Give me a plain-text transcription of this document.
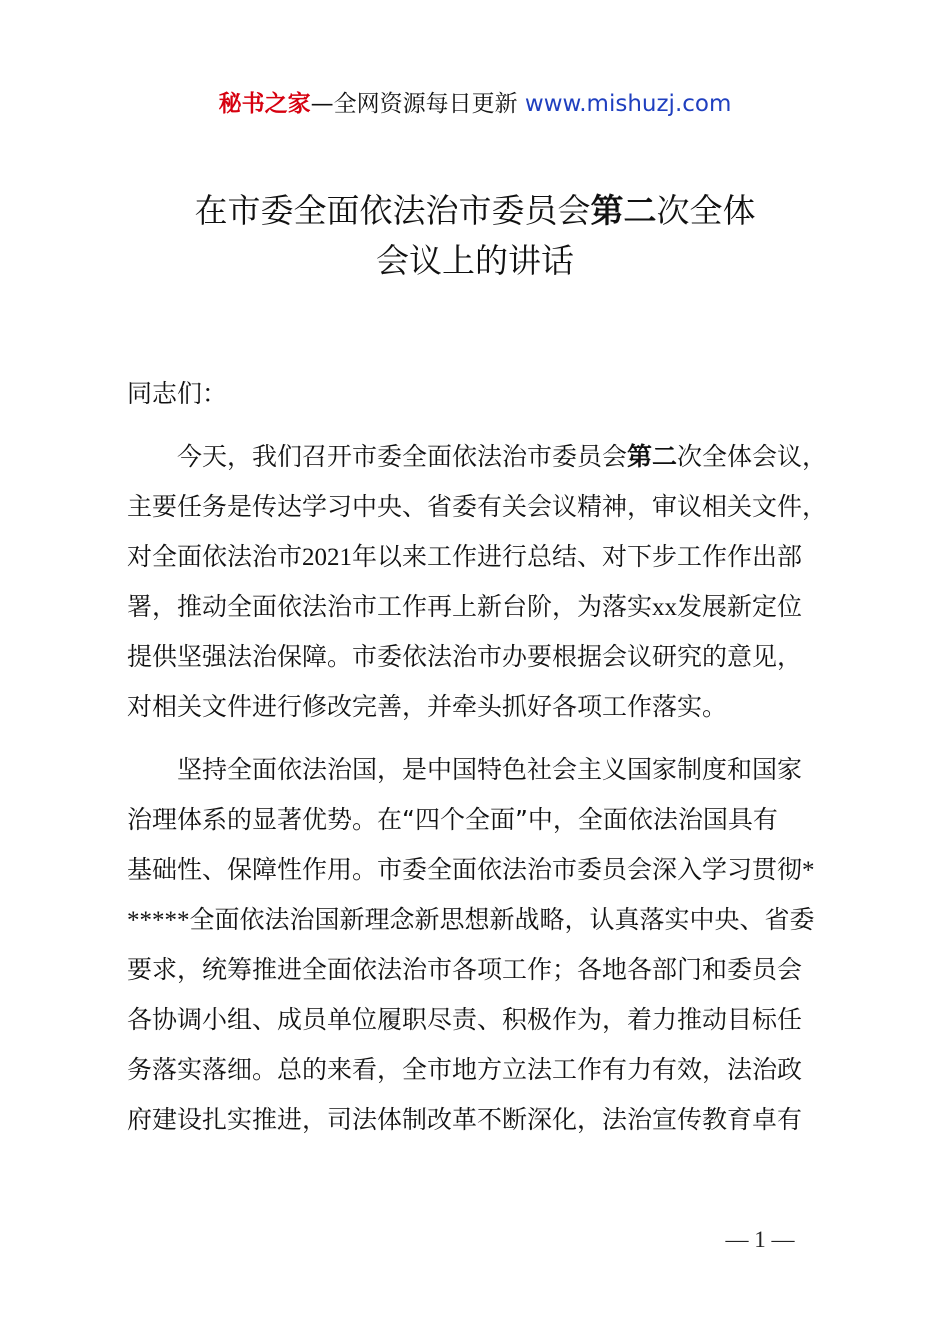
秘书之家—全网资源每日更新 www.mishuzj.com
在市委全面依法治市委员会第二次全体
会议上的讲话
同志们：
今天，我们召开市委全面依法治市委员会第二次全体会议，
主要任务是传达学习中央、省委有关会议精神，审议相关文件，
对全面依法治市2021年以来工作进行总结、对下步工作作出部
署，推动全面依法治市工作再上新台阶，为落实xx发展新定位
提供坚强法治保障。市委依法治市办要根据会议研究的意见，
对相关文件进行修改完善，并牵头抓好各项工作落实。
坚持全面依法治国，是中国特色社会主义国家制度和国家
治理体系的显著优势。在“四个全面”中，全面依法治国具有
基础性、保障性作用。市委全面依法治市委员会深入学习贯彻*
*****全面依法治国新理念新思想新战略，认真落实中央、省委
要求，统筹推进全面依法治市各项工作；各地各部门和委员会
各协调小组、成员单位履职尽责、积极作为，着力推动目标任
务落实落细。总的来看，全市地方立法工作有力有效，法治政
府建设扎实推进，司法体制改革不断深化，法治宣传教育卓有
— 1 —
